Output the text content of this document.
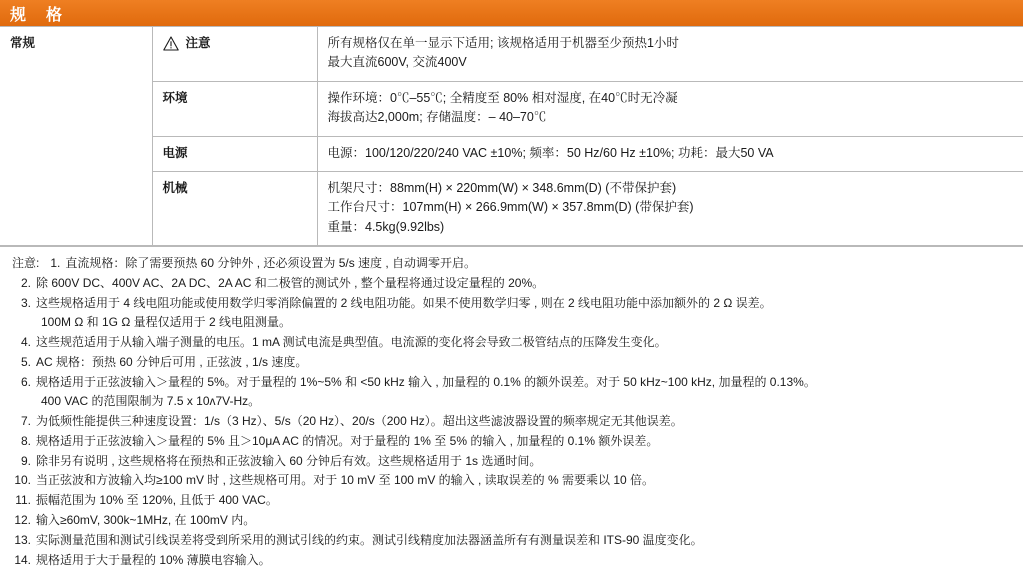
规　格
常规	注意	所有规格仅在单一显示下适用; 该规格适用于机器至少预热1小时
最大直流600V, 交流400V

	环境	操作环境：0℃–55℃; 全精度至 80% 相对湿度, 在40℃时无冷凝
海拔高达2,000m; 存储温度：– 40–70℃

	电源	电源：100/120/220/240 VAC ±10%; 频率：50 Hz/60 Hz ±10%; 功耗：最大50 VA

	机械	机架尺寸：88mm(H) × 220mm(W) × 348.6mm(D) (不带保护套)
工作台尺寸：107mm(H) × 266.9mm(W) × 357.8mm(D) (带保护套)
重量：4.5kg(9.92lbs)
注意: 1. 直流规格：除了需要预热 60 分钟外 , 还必须设置为 5/s 速度 , 自动调零开启。
2. 除 600V DC、400V AC、2A DC、2A AC 和二极管的测试外 , 整个量程将通过设定量程的 20%。
3. 这些规格适用于 4 线电阻功能或使用数学归零消除偏置的 2 线电阻功能。如果不使用数学归零 , 则在 2 线电阻功能中添加额外的 2 Ω 误差。
100M Ω 和 1G Ω 量程仅适用于 2 线电阻测量。
4. 这些规范适用于从输入端子测量的电压。1 mA 测试电流是典型值。电流源的变化将会导致二极管结点的压降发生变化。
5. AC 规格：预热 60 分钟后可用 , 正弦波 , 1/s 速度。
6. 规格适用于正弦波输入＞量程的 5%。对于量程的 1%~5% 和 <50 kHz 输入 , 加量程的 0.1% 的额外误差。对于 50 kHz~100 kHz, 加量程的 0.13%。
400 VAC 的范围限制为 7.5 x 10ʌ7V-Hz。
7. 为低频性能提供三种速度设置：1/s（3 Hz）、5/s（20 Hz）、20/s（200 Hz）。超出这些滤波器设置的频率规定无其他误差。
8. 规格适用于正弦波输入＞量程的 5% 且＞10μA AC 的情况。对于量程的 1% 至 5% 的输入 , 加量程的 0.1% 额外误差。
9. 除非另有说明 , 这些规格将在预热和正弦波输入 60 分钟后有效。这些规格适用于 1s 选通时间。
10. 当正弦波和方波输入均≥100 mV 时 , 这些规格可用。对于 10 mV 至 100 mV 的输入 , 读取误差的 % 需要乘以 10 倍。
11. 振幅范围为 10% 至 120%, 且低于 400 VAC。
12. 输入≥60mV, 300k~1MHz, 在 100mV 内。
13. 实际测量范围和测试引线误差将受到所采用的测试引线的约束。测试引线精度加法器涵盖所有有测量误差和 ITS-90 温度变化。
14. 规格适用于大于量程的 10% 薄膜电容输入。
